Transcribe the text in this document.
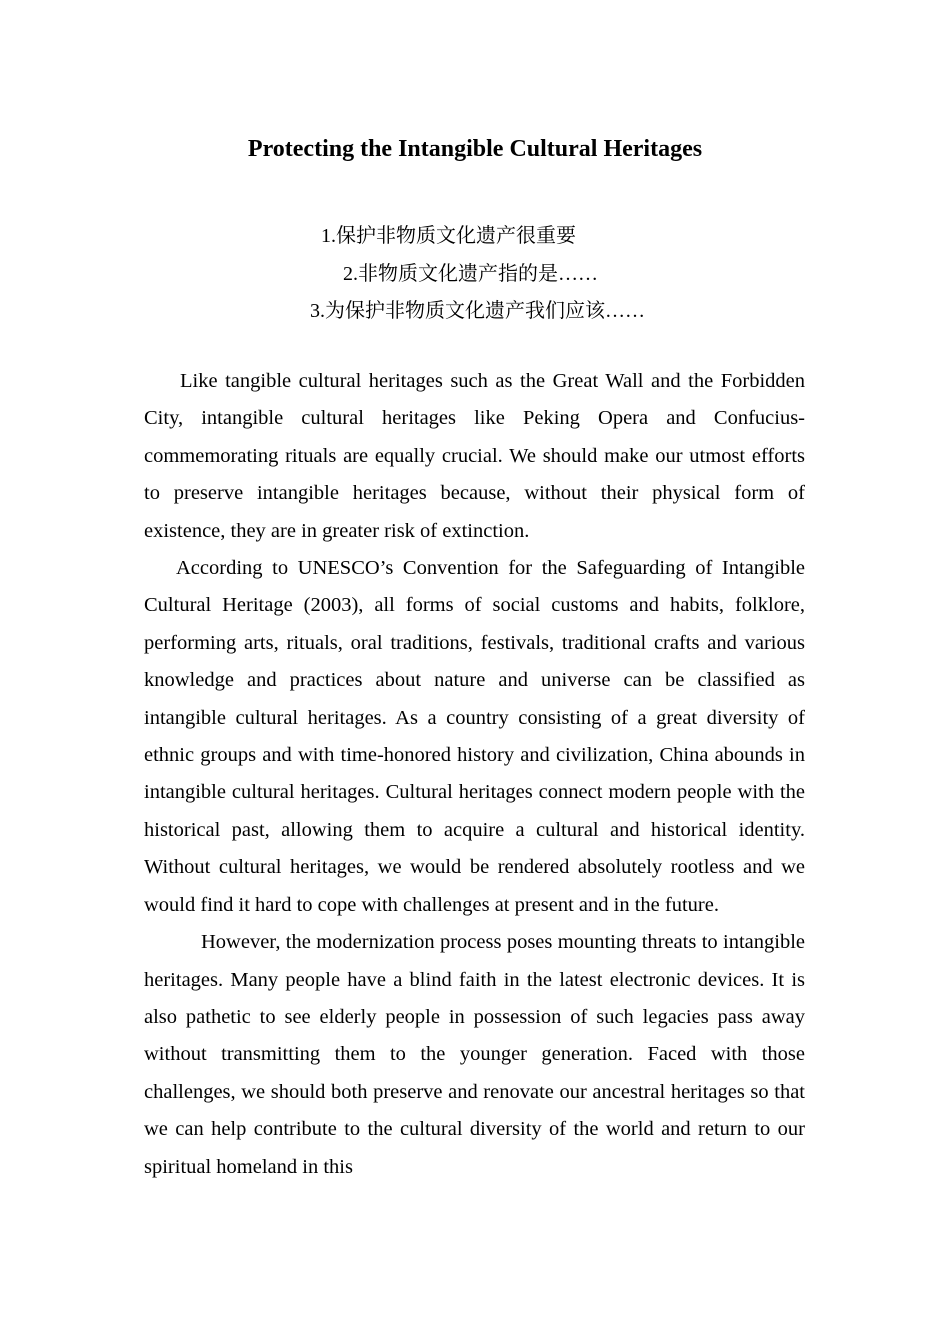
Protecting the Intangible Cultural Heritages
1.保护非物质文化遗产很重要
2.非物质文化遗产指的是……
3.为保护非物质文化遗产我们应该……

Like tangible cultural heritages such as the Great Wall and the Forbidden City, intangible cultural heritages like Peking Opera and Confucius-commemorating rituals are equally crucial. We should make our utmost efforts to preserve intangible heritages because, without their physical form of existence, they are in greater risk of extinction.

According to UNESCO’s Convention for the Safeguarding of Intangible Cultural Heritage (2003), all forms of social customs and habits, folklore, performing arts, rituals, oral traditions, festivals, traditional crafts and various knowledge and practices about nature and universe can be classified as intangible cultural heritages. As a country consisting of a great diversity of ethnic groups and with time-honored history and civilization, China abounds in intangible cultural heritages. Cultural heritages connect modern people with the historical past, allowing them to acquire a cultural and historical identity. Without cultural heritages, we would be rendered absolutely rootless and we would find it hard to cope with challenges at present and in the future.

However, the modernization process poses mounting threats to intangible heritages. Many people have a blind faith in the latest electronic devices. It is also pathetic to see elderly people in possession of such legacies pass away without transmitting them to the younger generation. Faced with those challenges, we should both preserve and renovate our ancestral heritages so that we can help contribute to the cultural diversity of the world and return to our spiritual homeland in this
